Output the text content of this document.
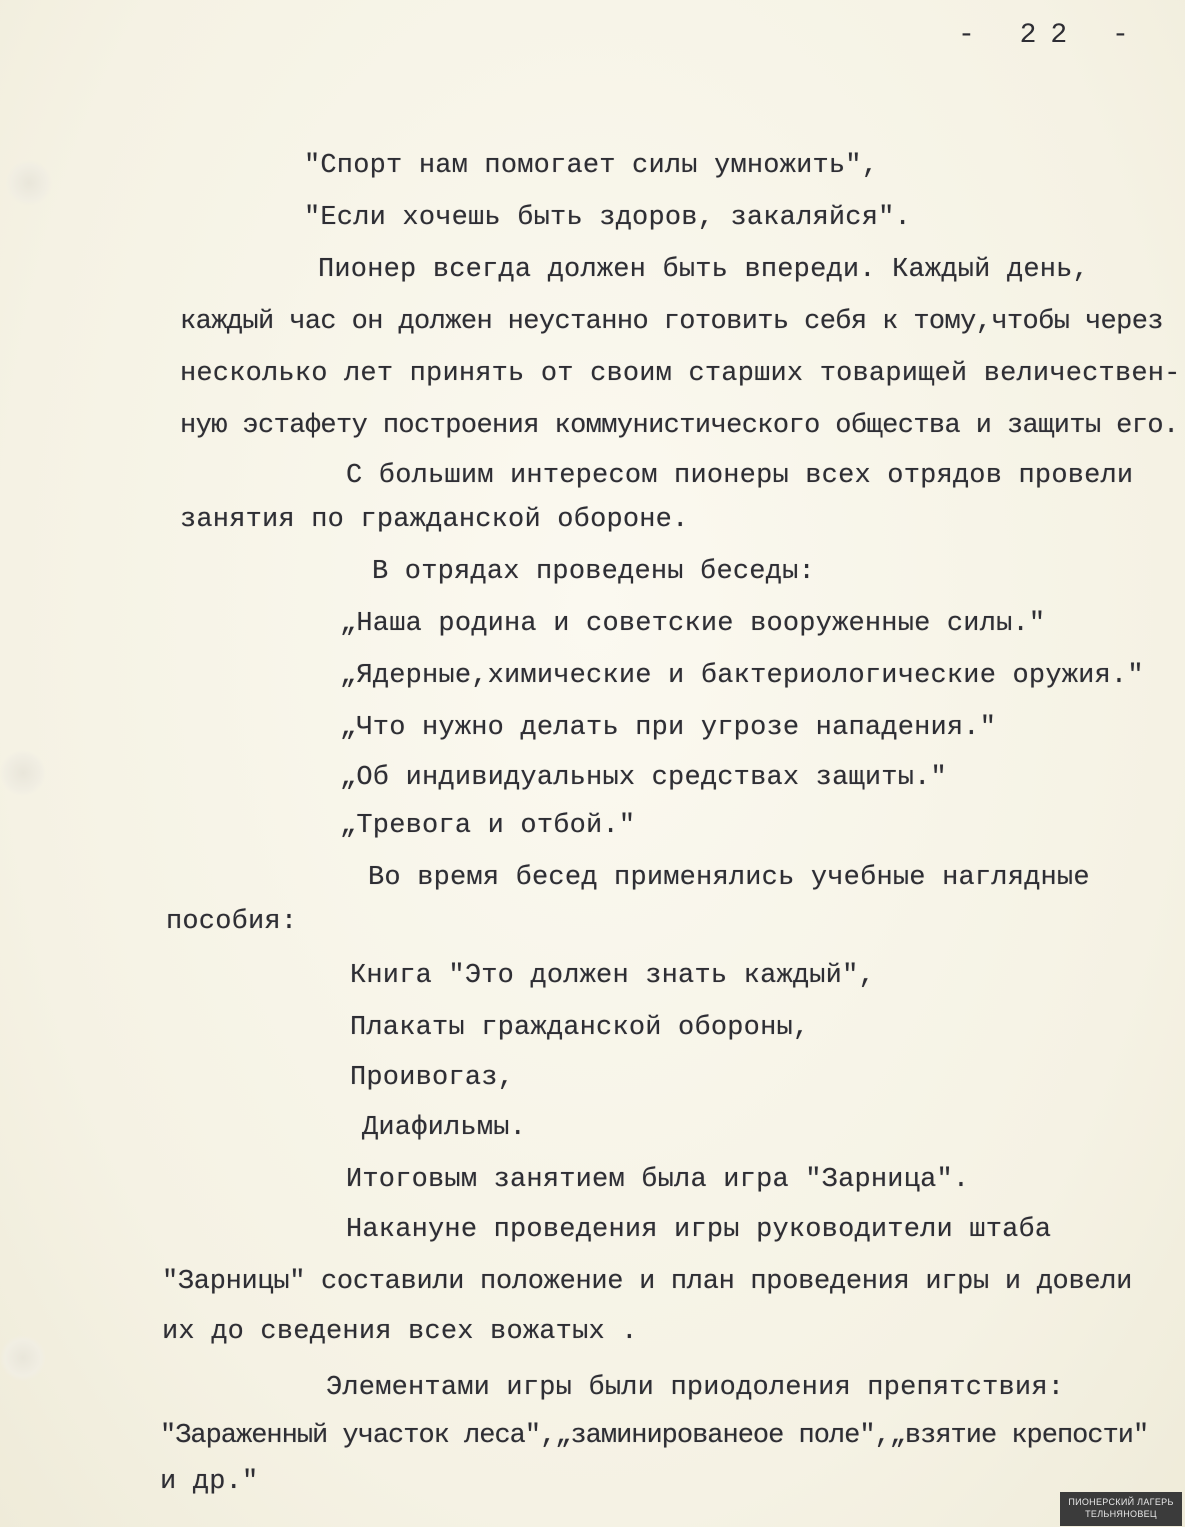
- 22 -
"Спорт нам помогает силы умножить",
"Если хочешь быть здоров, закаляйся".
Пионер всегда должен быть впереди. Каждый день,
каждый час он должен неустанно готовить себя к тому,чтобы через
несколько лет принять от своим старших товарищей величествен-
ную эстафету построения коммунистического общества и защиты его.
С большим интересом пионеры всех отрядов провели
занятия по гражданской обороне.
В отрядах проведены беседы:
„Наша родина и советские вооруженные силы."
„Ядерные,химические и бактериологические оружия."
„Что нужно делать при угрозе нападения."
„Об индивидуальных средствах защиты."
„Тревога и отбой."
Во время бесед применялись учебные наглядные
пособия:
Книга "Это должен знать каждый",
Плакаты гражданской обороны,
Проивогаз,
Диафильмы.
Итоговым занятием была игра "Зарница".
Накануне проведения игры руководители штаба
"Зарницы" составили положение и план проведения игры и довели
их до сведения всех вожатых .
Элементами игры были приодоления препятствия:
"Зараженный участок леса",„заминированеое поле",„взятие крепости"
и др."
ПИОНЕРСКИЙ ЛАГЕРЬ
ТЕЛЬНЯНОВЕЦ
